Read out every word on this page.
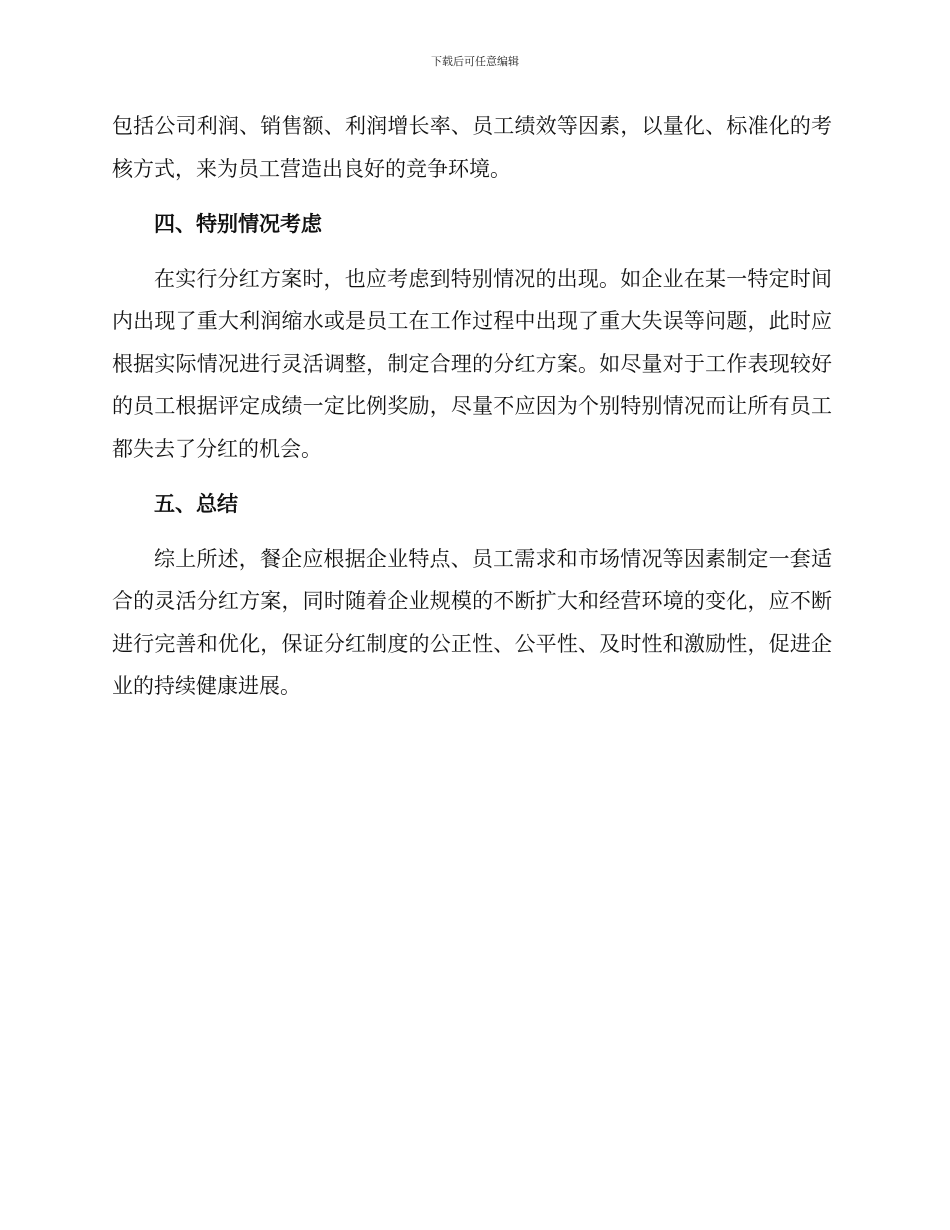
下载后可任意编辑

包括公司利润、销售额、利润增长率、员工绩效等因素，以量化、标准化的考核方式，来为员工营造出良好的竞争环境。

四、特别情况考虑

在实行分红方案时，也应考虑到特别情况的出现。如企业在某一特定时间内出现了重大利润缩水或是员工在工作过程中出现了重大失误等问题，此时应根据实际情况进行灵活调整，制定合理的分红方案。如尽量对于工作表现较好的员工根据评定成绩一定比例奖励，尽量不应因为个别特别情况而让所有员工都失去了分红的机会。

五、总结

综上所述，餐企应根据企业特点、员工需求和市场情况等因素制定一套适合的灵活分红方案，同时随着企业规模的不断扩大和经营环境的变化，应不断进行完善和优化，保证分红制度的公正性、公平性、及时性和激励性，促进企业的持续健康进展。
